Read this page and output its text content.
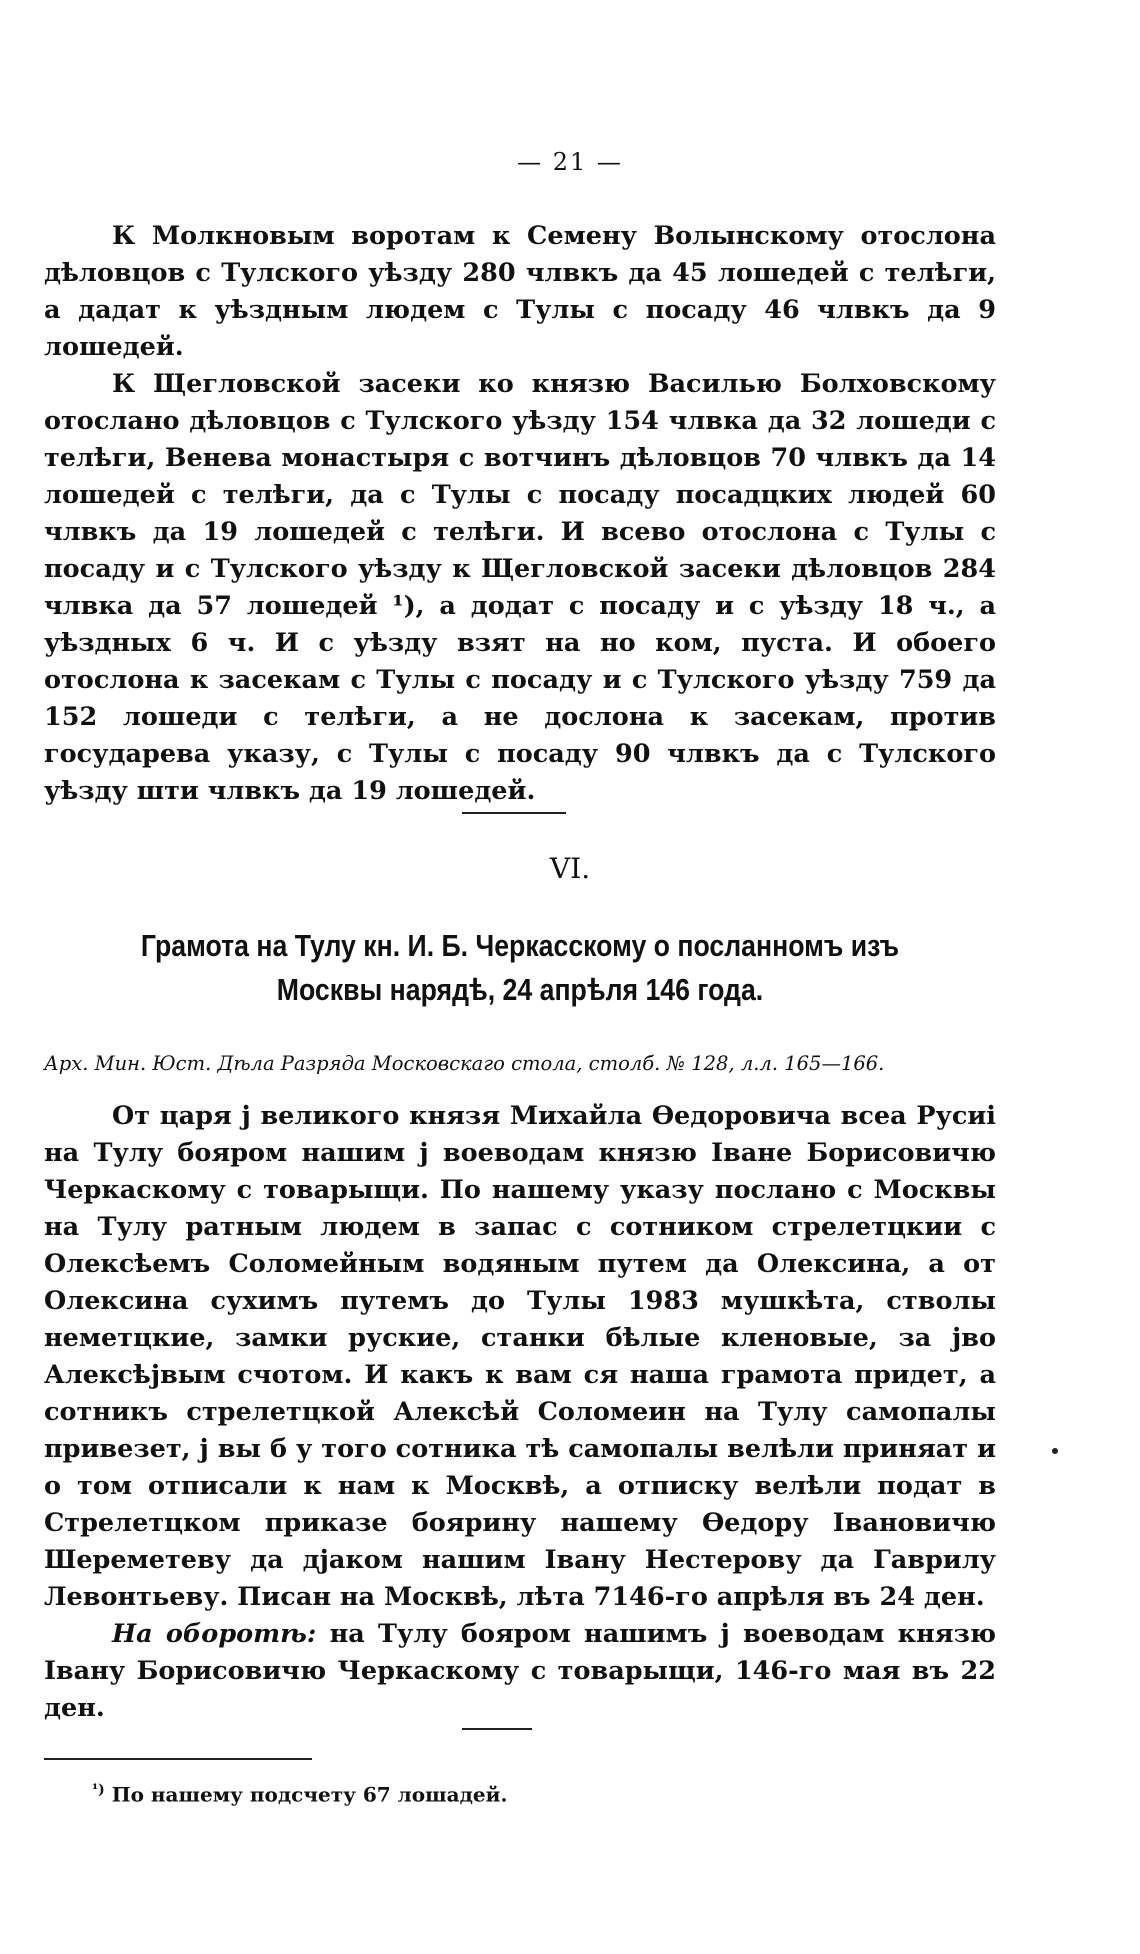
— 21 —

К Молкновым воротам к Семену Волынскому отослона дѣловцов с Тулского уѣзду 280 члвкъ да 45 лошедей с телѣги, а дадат к уѣздным людем с Тулы с посаду 46 члвкъ да 9 лошедей.

К Щегловской засеки ко князю Василью Болховскому отослано дѣловцов с Тулского уѣзду 154 члвка да 32 лошеди с телѣги, Венева монастыря с вотчинъ дѣловцов 70 члвкъ да 14 лошедей с телѣги, да с Тулы с посаду посадцких людей 60 члвкъ да 19 лошедей с телѣги. И всево отослона с Тулы с посаду и с Тулского уѣзду к Щегловской засеки дѣловцов 284 члвка да 57 лошедей ¹), а додат с посаду и с уѣзду 18 ч., а уѣздных 6 ч. И с уѣзду взят на но ком, пуста. И обоего отослона к засекам с Тулы с посаду и с Тулского уѣзду 759 да 152 лошеди с телѣги, а не дослона к засекам, против государева указу, с Тулы с посаду 90 члвкъ да с Тулского уѣзду шти члвкъ да 19 лошедей.

VI.
Грамота на Тулу кн. И. Б. Черкасскому о посланномъ изъ
Москвы нарядѣ, 24 апрѣля 146 года.
Арх. Мин. Юст. Дѣла Разряда Московскаго стола, столб. № 128, л.л. 165—166.

От царя ј великого князя Михайла Ѳедоровича всеа Русиі на Тулу бояром нашим ј воеводам князю Іване Борисовичю Черкаскому с товарыщи. По нашему указу послано с Москвы на Тулу ратным людем в запас с сотником стрелетцкии с Олексѣемъ Соломейным водяным путем да Олексина, а от Олексина сухимъ путемъ до Тулы 1983 мушкѣта, стволы неметцкие, замки руские, станки бѣлые кленовые, за јво Алексѣјвым счотом. И какъ к вам ся наша грамота придет, а сотникъ стрелетцкой Алексѣй Соломеин на Тулу самопалы привезет, ј вы б у того сотника тѣ самопалы велѣли приняат и о том отписали к нам к Москвѣ, а отписку велѣли подат в Стрелетцком приказе боярину нашему Ѳедору Івановичю Шереметеву да дјаком нашим Івану Нестерову да Гаврилу Левонтьеву. Писан на Москвѣ, лѣта 7146-го апрѣля въ 24 ден.

На оборотѣ: на Тулу бояром нашимъ ј воеводам князю Івану Борисовичю Черкаскому с товарыщи, 146-го мая въ 22 ден.

$^{^1)}$ По нашему подсчету 67 лошадей.
